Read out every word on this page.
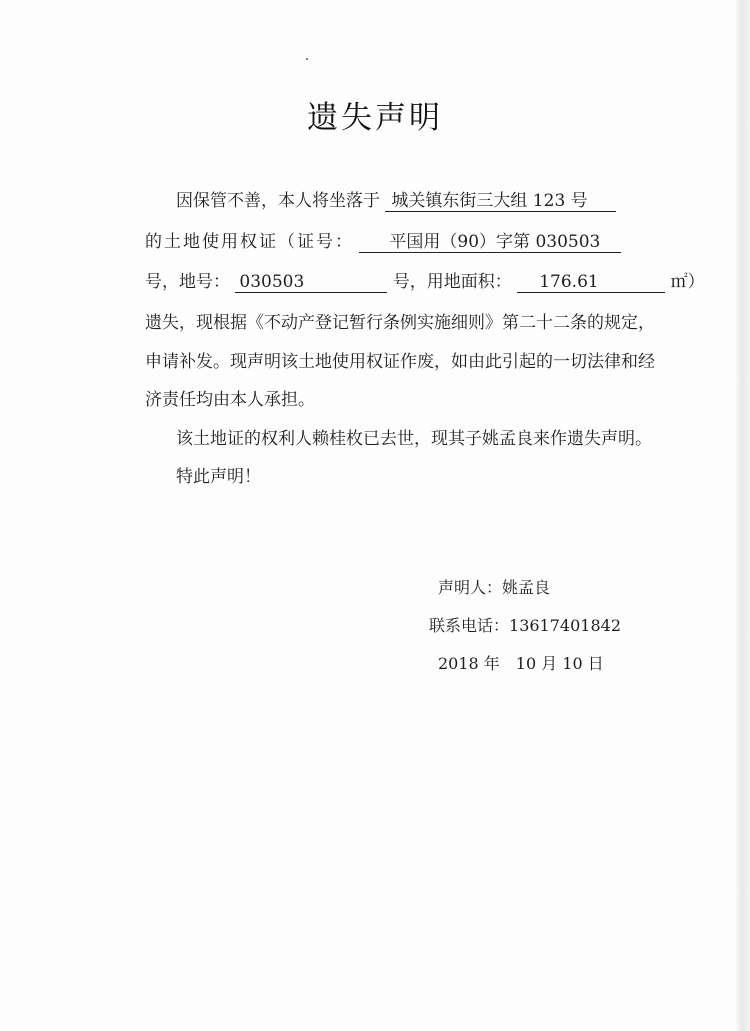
遗失声明
因保管不善，本人将坐落于 城关镇东街三大组 123 号
的土地使用权证（证号： 平国用（90）字第 030503
号，地号： 030503	号，用地面积： 176.61	㎡）
遗失，现根据《不动产登记暂行条例实施细则》第二十二条的规定，
申请补发。现声明该土地使用权证作废，如由此引起的一切法律和经
济责任均由本人承担。
该土地证的权利人赖桂枚已去世，现其子姚孟良来作遗失声明。
特此声明！
声明人：姚孟良
联系电话：13617401842
2018 年　10 月 10 日
